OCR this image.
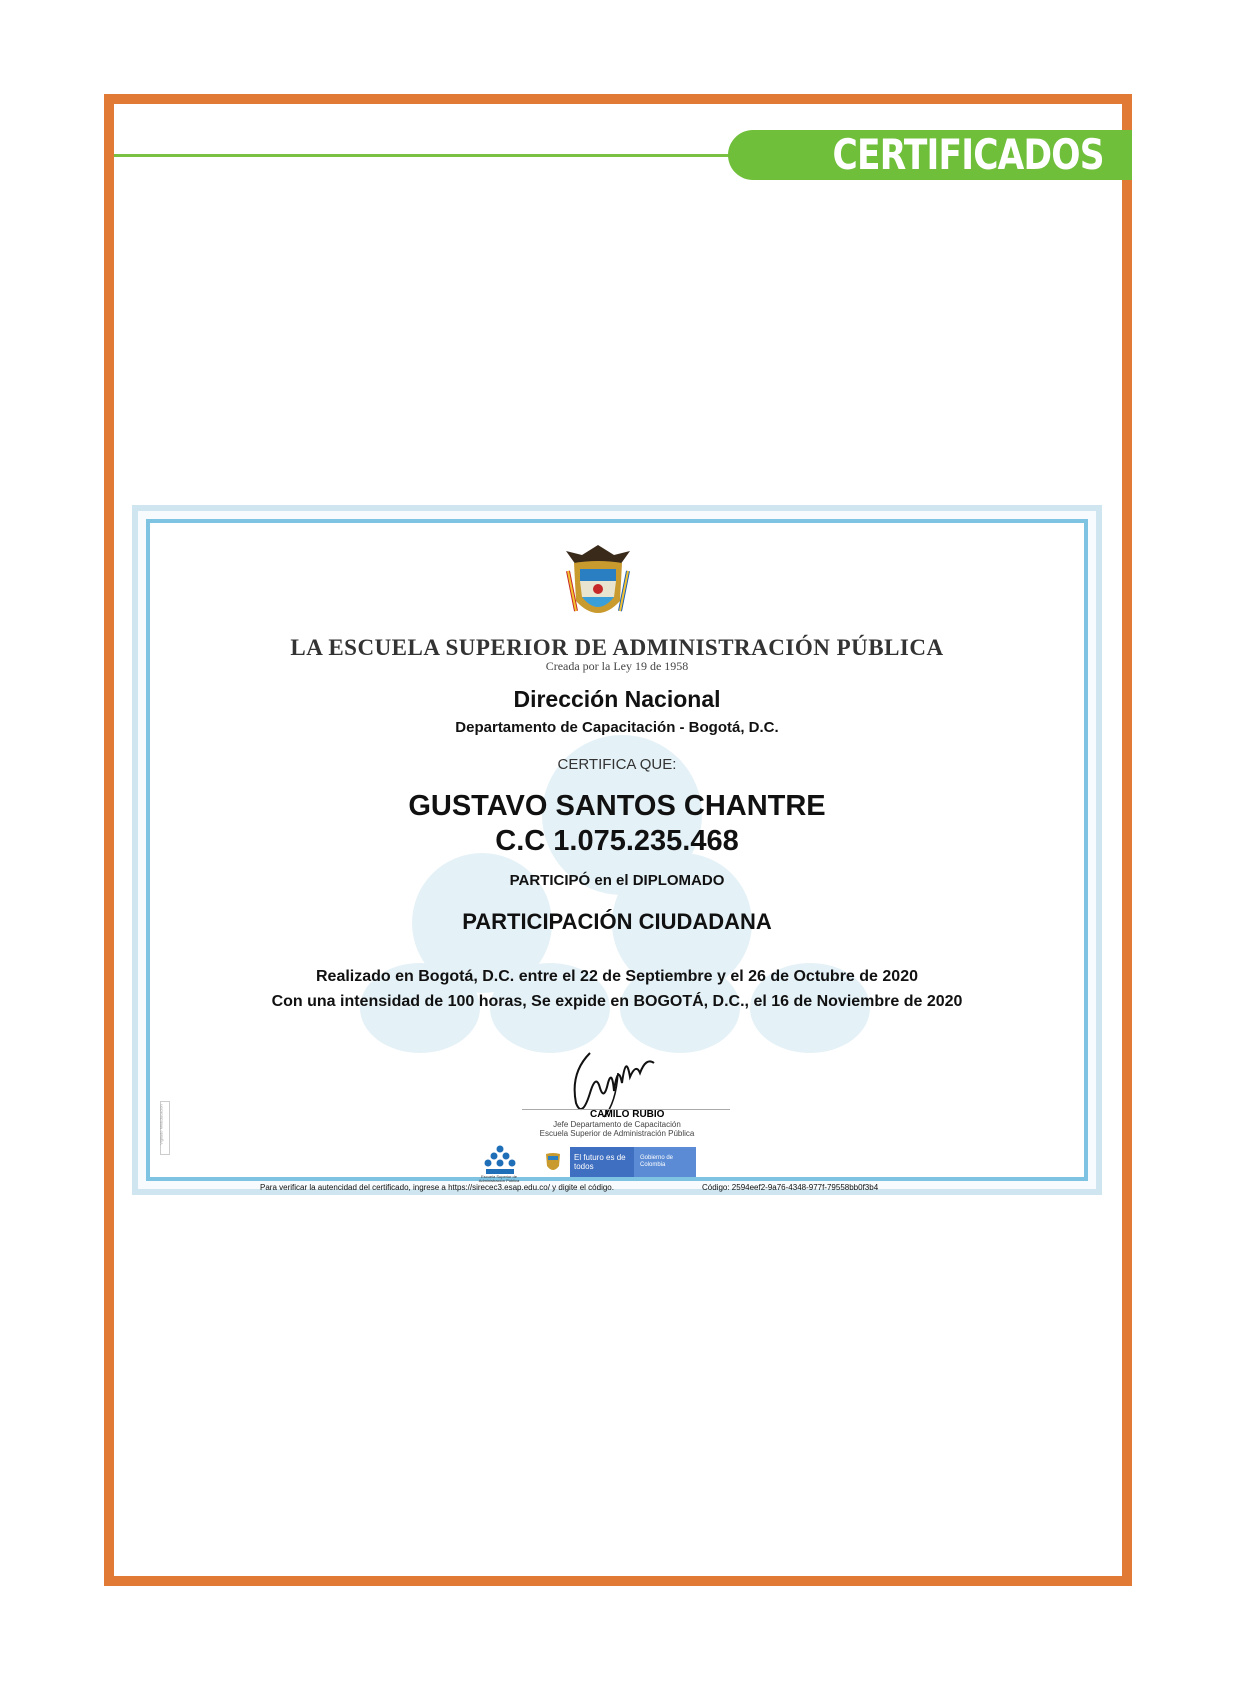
CERTIFICADOS
LA ESCUELA SUPERIOR DE ADMINISTRACIÓN PÚBLICA
Creada por la Ley 19 de 1958
Dirección Nacional
Departamento de Capacitación - Bogotá, D.C.
CERTIFICA QUE:
GUSTAVO SANTOS CHANTRE
C.C 1.075.235.468
PARTICIPÓ en el DIPLOMADO
PARTICIPACIÓN CIUDADANA
Realizado en Bogotá, D.C. entre el 22 de Septiembre y el 26 de Octubre de 2020
Con una intensidad de 100 horas, Se expide en BOGOTÁ, D.C., el 16 de Noviembre de 2020
CAMILO RUBIO
Jefe Departamento de Capacitación
Escuela Superior de Administración Pública
Escuela Superior de Administración Pública
El futuro es de todos
Gobierno de Colombia
Vigilado MinEducación
Para verificar la autencidad del certificado, ingrese a https://sirecec3.esap.edu.co/ y digite el código.	Código: 2594eef2-9a76-4348-977f-79558bb0f3b4
